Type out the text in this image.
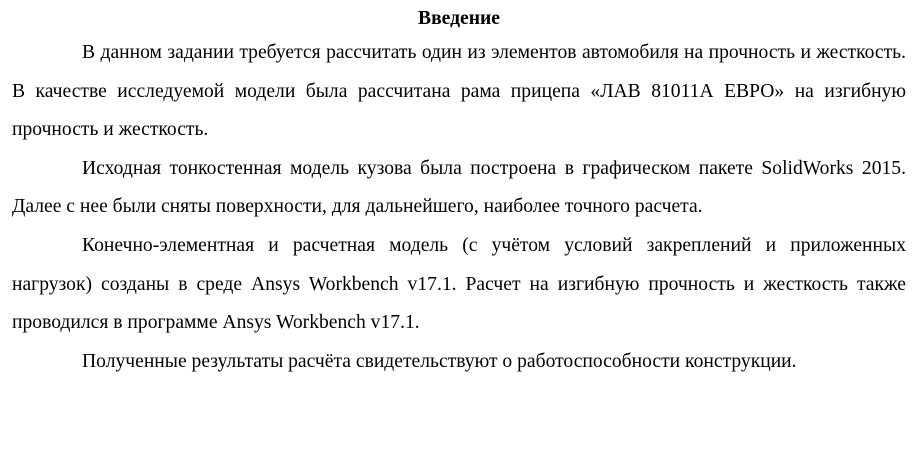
Введение

В данном задании требуется рассчитать один из элементов автомобиля на прочность и жесткость. В качестве исследуемой модели была рассчитана рама прицепа «ЛАВ 81011А ЕВРО» на изгибную прочность и жесткость.

Исходная тонкостенная модель кузова была построена в графическом пакете SolidWorks 2015. Далее с нее были сняты поверхности, для дальнейшего, наиболее точного расчета.

Конечно-элементная и расчетная модель (с учётом условий закреплений и приложенных нагрузок) созданы в среде Ansys Workbench v17.1. Расчет на изгибную прочность и жесткость также проводился в программе Ansys Workbench v17.1.

Полученные результаты расчёта свидетельствуют о работоспособности конструкции.
